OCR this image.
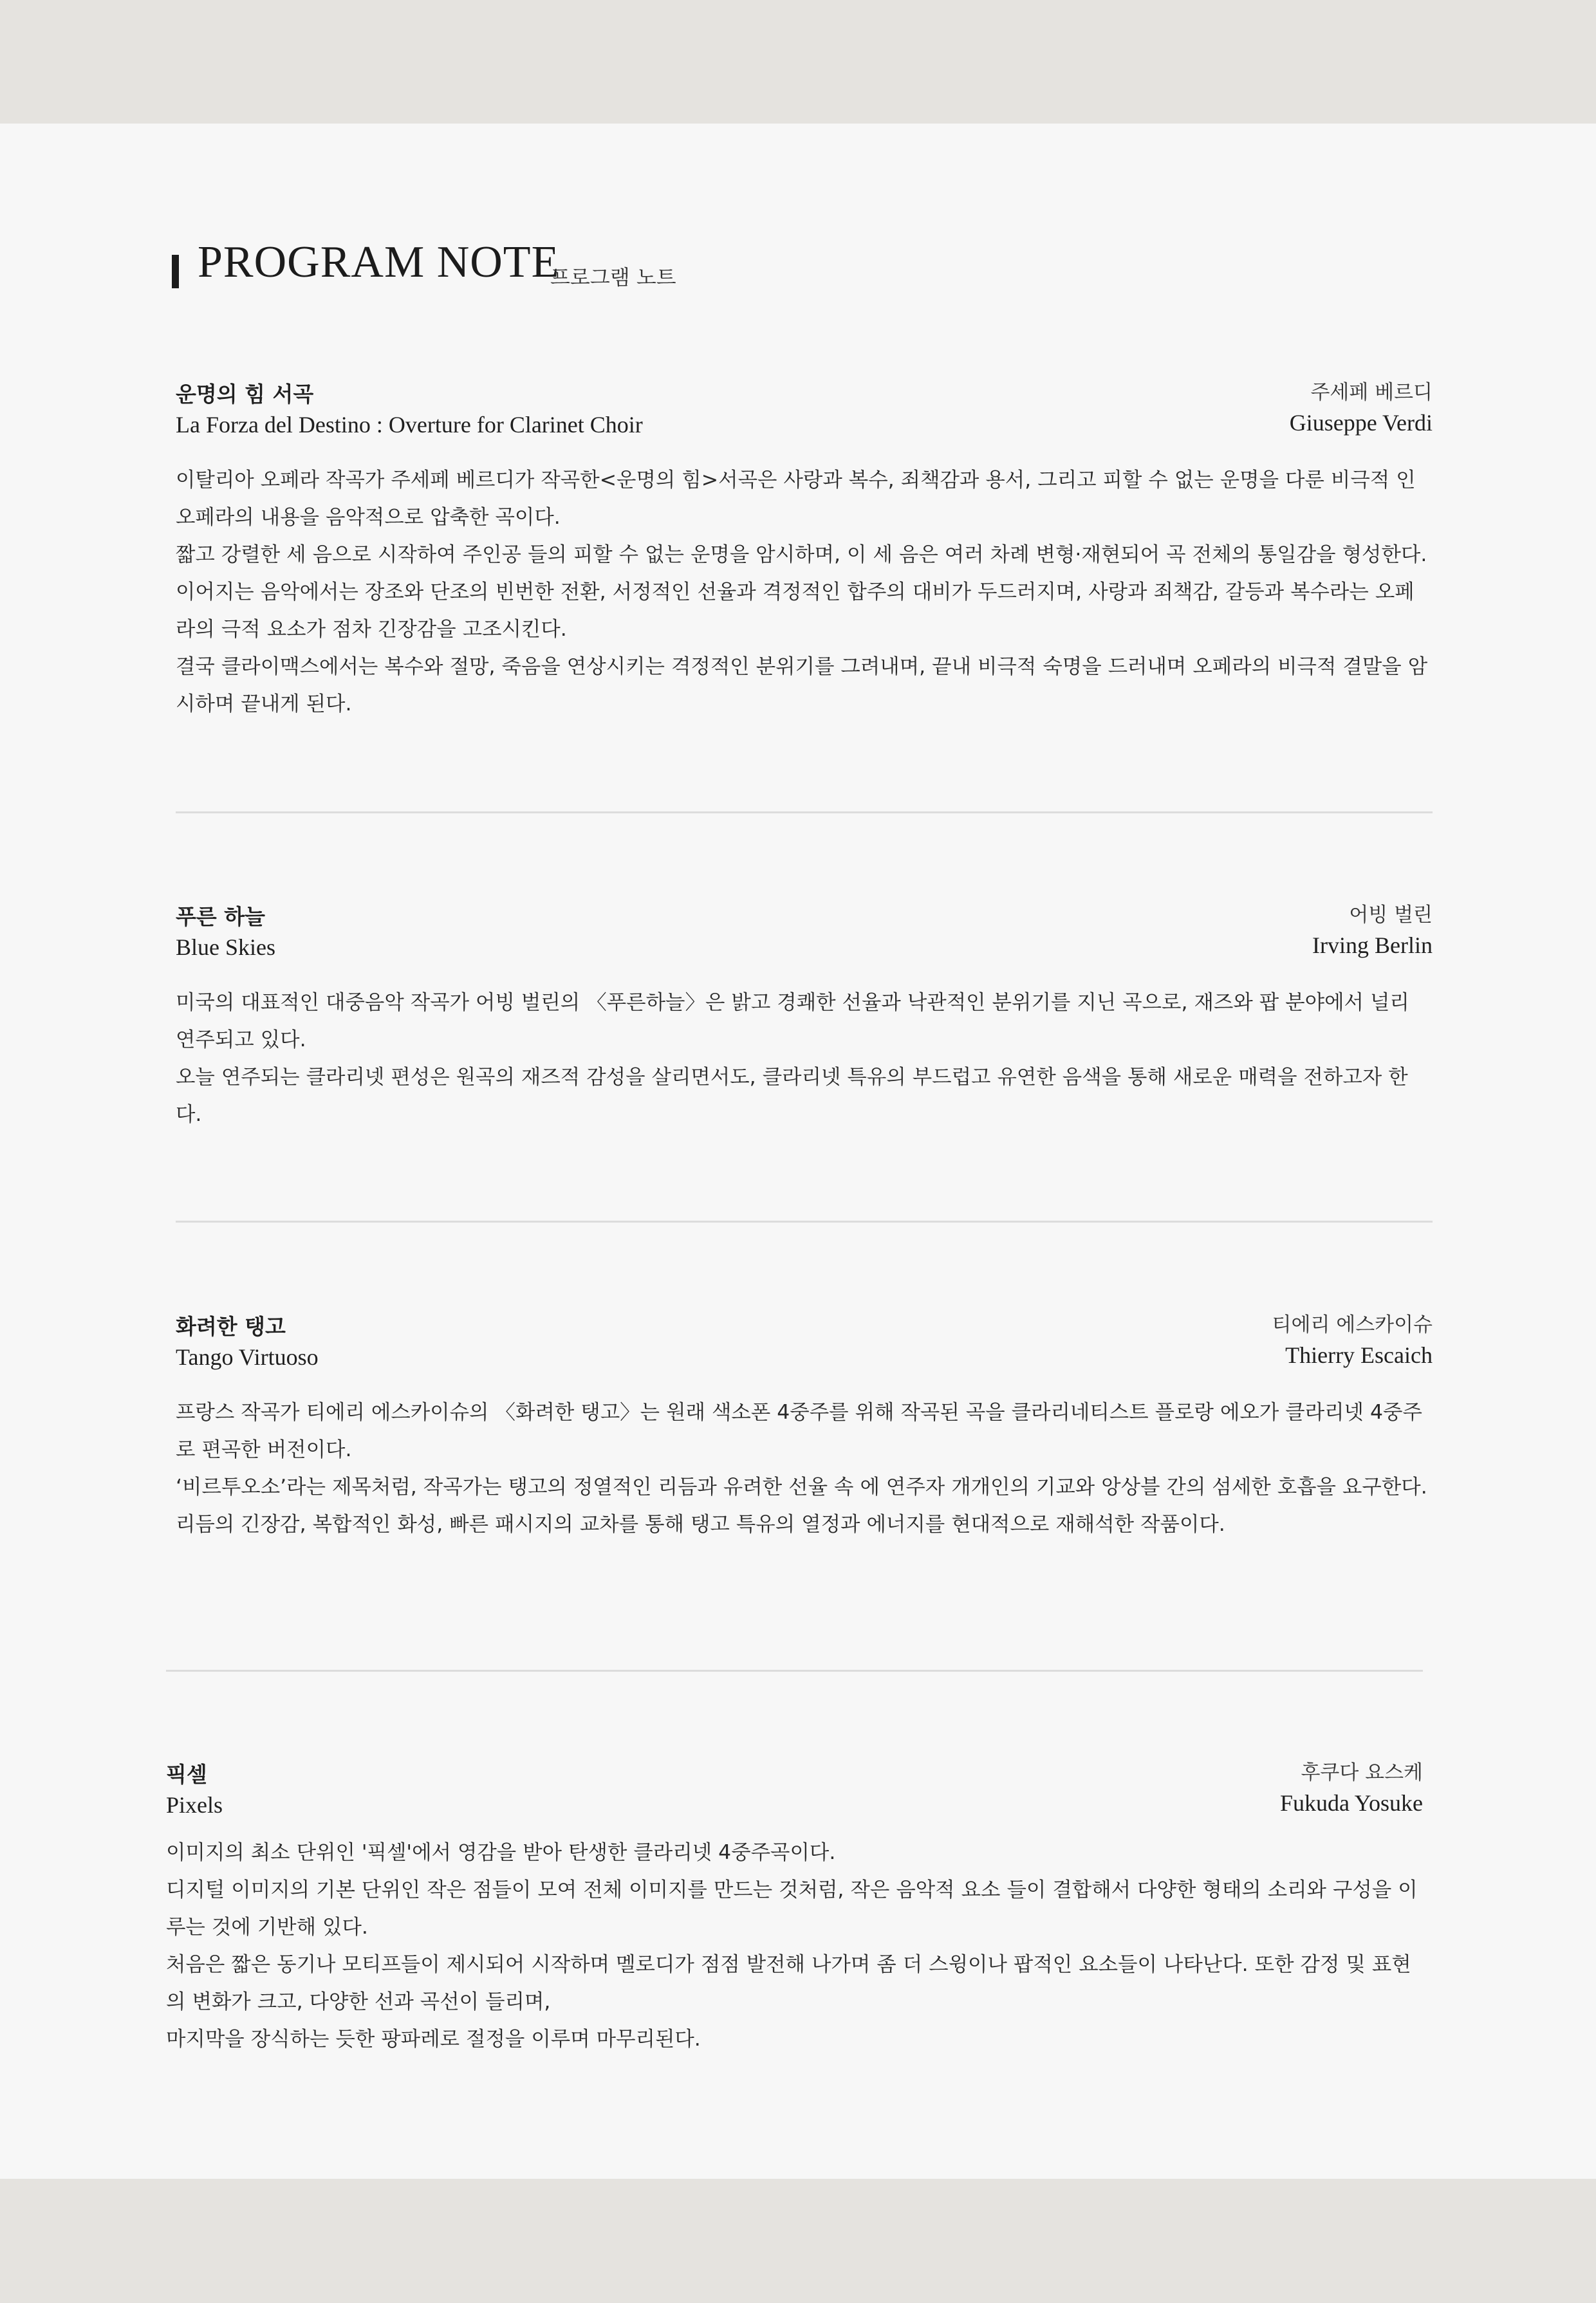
PROGRAM NOTE
프로그램 노트
운명의 힘 서곡
La Forza del Destino : Overture for Clarinet Choir
주세페 베르디
Giuseppe Verdi

이탈리아 오페라 작곡가 주세페 베르디가 작곡한<운명의 힘>서곡은 사랑과 복수, 죄책감과 용서, 그리고 피할 수 없는 운명을 다룬 비극적 인 오페라의 내용을 음악적으로 압축한 곡이다.

짧고 강렬한 세 음으로 시작하여 주인공 들의 피할 수 없는 운명을 암시하며, 이 세 음은 여러 차례 변형·재현되어 곡 전체의 통일감을 형성한다.

이어지는 음악에서는 장조와 단조의 빈번한 전환, 서정적인 선율과 격정적인 합주의 대비가 두드러지며, 사랑과 죄책감, 갈등과 복수라는 오페라의 극적 요소가 점차 긴장감을 고조시킨다.

결국 클라이맥스에서는 복수와 절망, 죽음을 연상시키는 격정적인 분위기를 그려내며, 끝내 비극적 숙명을 드러내며 오페라의 비극적 결말을 암시하며 끝내게 된다.

푸른 하늘
Blue Skies
어빙 벌린
Irving Berlin

미국의 대표적인 대중음악 작곡가 어빙 벌린의 〈푸른하늘〉은 밝고 경쾌한 선율과 낙관적인 분위기를 지닌 곡으로, 재즈와 팝 분야에서 널리 연주되고 있다.

오늘 연주되는 클라리넷 편성은 원곡의 재즈적 감성을 살리면서도, 클라리넷 특유의 부드럽고 유연한 음색을 통해 새로운 매력을 전하고자 한다.

화려한 탱고
Tango Virtuoso
티에리 에스카이슈
Thierry Escaich

프랑스 작곡가 티에리 에스카이슈의 〈화려한 탱고〉는 원래 색소폰 4중주를 위해 작곡된 곡을 클라리네티스트 플로랑 에오가 클라리넷 4중주로 편곡한 버전이다.

‘비르투오소’라는 제목처럼, 작곡가는 탱고의 정열적인 리듬과 유려한 선율 속 에 연주자 개개인의 기교와 앙상블 간의 섬세한 호흡을 요구한다.

리듬의 긴장감, 복합적인 화성, 빠른 패시지의 교차를 통해 탱고 특유의 열정과 에너지를 현대적으로 재해석한 작품이다.

픽셀
Pixels
후쿠다 요스케
Fukuda Yosuke

이미지의 최소 단위인 '픽셀'에서 영감을 받아 탄생한 클라리넷 4중주곡이다.

디지털 이미지의 기본 단위인 작은 점들이 모여 전체 이미지를 만드는 것처럼, 작은 음악적 요소 들이 결합해서 다양한 형태의 소리와 구성을 이루는 것에 기반해 있다.

처음은 짧은 동기나 모티프들이 제시되어 시작하며 멜로디가 점점 발전해 나가며 좀 더 스윙이나 팝적인 요소들이 나타난다. 또한 감정 및 표현의 변화가 크고, 다양한 선과 곡선이 들리며,

마지막을 장식하는 듯한 팡파레로 절정을 이루며 마무리된다.
